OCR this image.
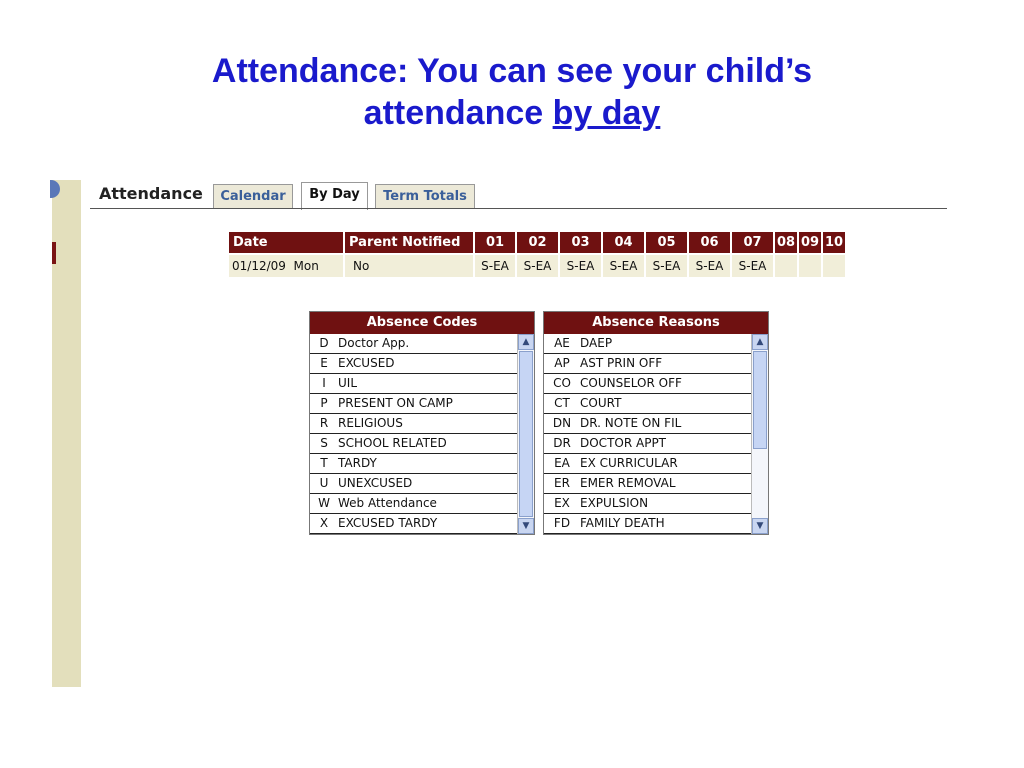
Attendance: You can see your child’s
attendance by day
Attendance	Calendar	By Day	Term Totals
Date	Parent Notified	01	02	03	04	05	06	07	08	09	10
01/12/09 Mon	No	S-EA	S-EA	S-EA	S-EA	S-EA	S-EA	S-EA			
Absence Codes
D Doctor App.
E EXCUSED
I UIL
P PRESENT ON CAMP
R RELIGIOUS
S SCHOOL RELATED
T TARDY
U UNEXCUSED
W Web Attendance
X EXCUSED TARDY
▲
▼
Absence Reasons
AE DAEP
AP AST PRIN OFF
CO COUNSELOR OFF
CT COURT
DN DR. NOTE ON FIL
DR DOCTOR APPT
EA EX CURRICULAR
ER EMER REMOVAL
EX EXPULSION
FD FAMILY DEATH
▲
▼
